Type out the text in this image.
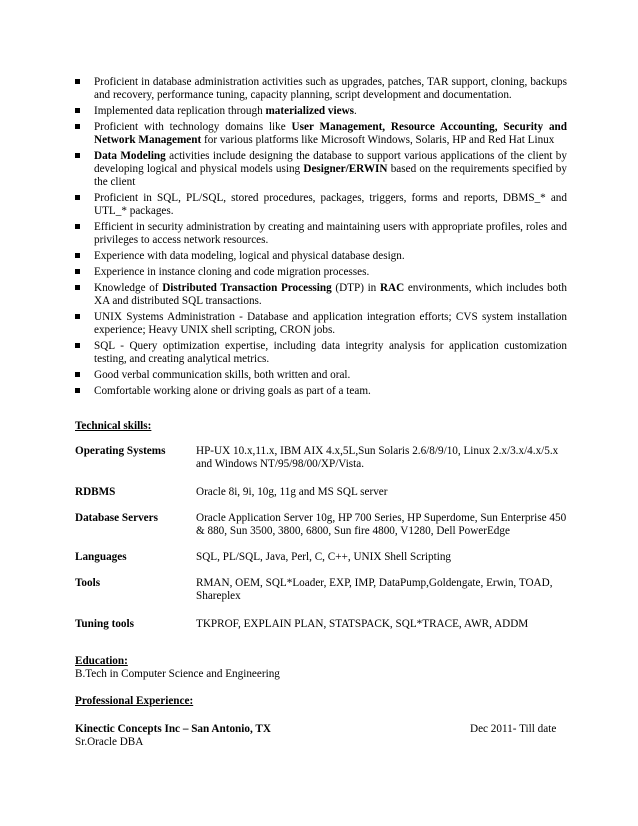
Proficient in database administration activities such as upgrades, patches, TAR support, cloning, backups and recovery, performance tuning, capacity planning, script development and documentation.
Implemented data replication through materialized views.
Proficient with technology domains like User Management, Resource Accounting, Security and Network Management for various platforms like Microsoft Windows, Solaris, HP and Red Hat Linux
Data Modeling activities include designing the database to support various applications of the client by developing logical and physical models using Designer/ERWIN based on the requirements specified by the client
Proficient in SQL, PL/SQL, stored procedures, packages, triggers, forms and reports, DBMS_* and UTL_* packages.
Efficient in security administration by creating and maintaining users with appropriate profiles, roles and privileges to access network resources.
Experience with data modeling, logical and physical database design.
Experience in instance cloning and code migration processes.
Knowledge of Distributed Transaction Processing (DTP) in RAC environments, which includes both XA and distributed SQL transactions.
UNIX Systems Administration - Database and application integration efforts; CVS system installation experience; Heavy UNIX shell scripting, CRON jobs.
SQL - Query optimization expertise, including data integrity analysis for application customization testing, and creating analytical metrics.
Good verbal communication skills, both written and oral.
Comfortable working alone or driving goals as part of a team.
Technical skills:
Operating Systems	HP-UX 10.x,11.x, IBM AIX 4.x,5L,Sun Solaris 2.6/8/9/10, Linux 2.x/3.x/4.x/5.x and Windows NT/95/98/00/XP/Vista.
RDBMS	Oracle 8i, 9i, 10g, 11g and MS SQL server
Database Servers	Oracle Application Server 10g, HP 700 Series, HP Superdome, Sun Enterprise 450 & 880, Sun 3500, 3800, 6800, Sun fire 4800, V1280, Dell PowerEdge
Languages	SQL, PL/SQL, Java, Perl, C, C++, UNIX Shell Scripting
Tools	RMAN, OEM, SQL*Loader, EXP, IMP, DataPump,Goldengate, Erwin, TOAD, Shareplex
Tuning tools	TKPROF, EXPLAIN PLAN, STATSPACK, SQL*TRACE, AWR, ADDM
Education:
B.Tech in Computer Science and Engineering
Professional Experience:
Kinectic Concepts Inc – San Antonio, TX	Dec 2011- Till date
Sr.Oracle DBA
